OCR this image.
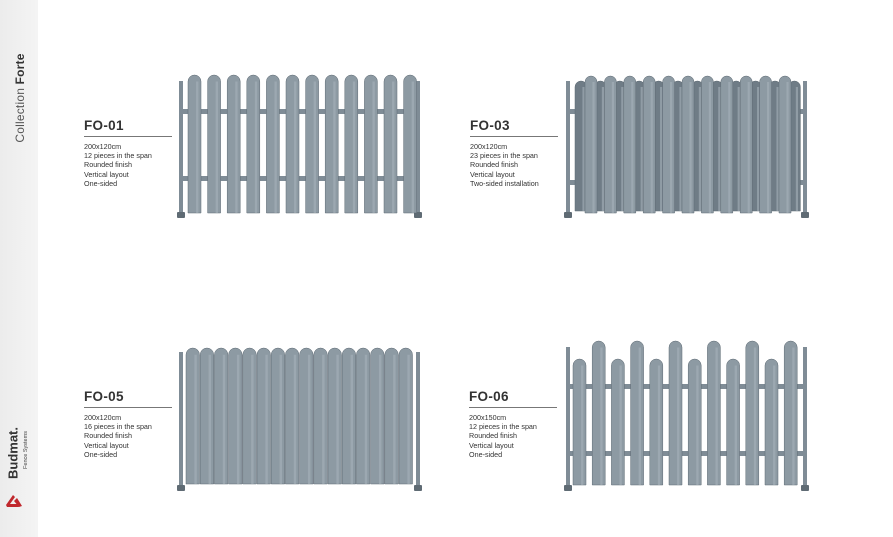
Collection Forte
Budmat. Fence Systems
FO-01
200x120cm
12 pieces in the span
Rounded finish
Vertical layout
One-sided
FO-03
200x120cm
23 pieces in the span
Rounded finish
Vertical layout
Two-sided installation
FO-05
200x120cm
16 pieces in the span
Rounded finish
Vertical layout
One-sided
FO-06
200x150cm
12 pieces in the span
Rounded finish
Vertical layout
One-sided
